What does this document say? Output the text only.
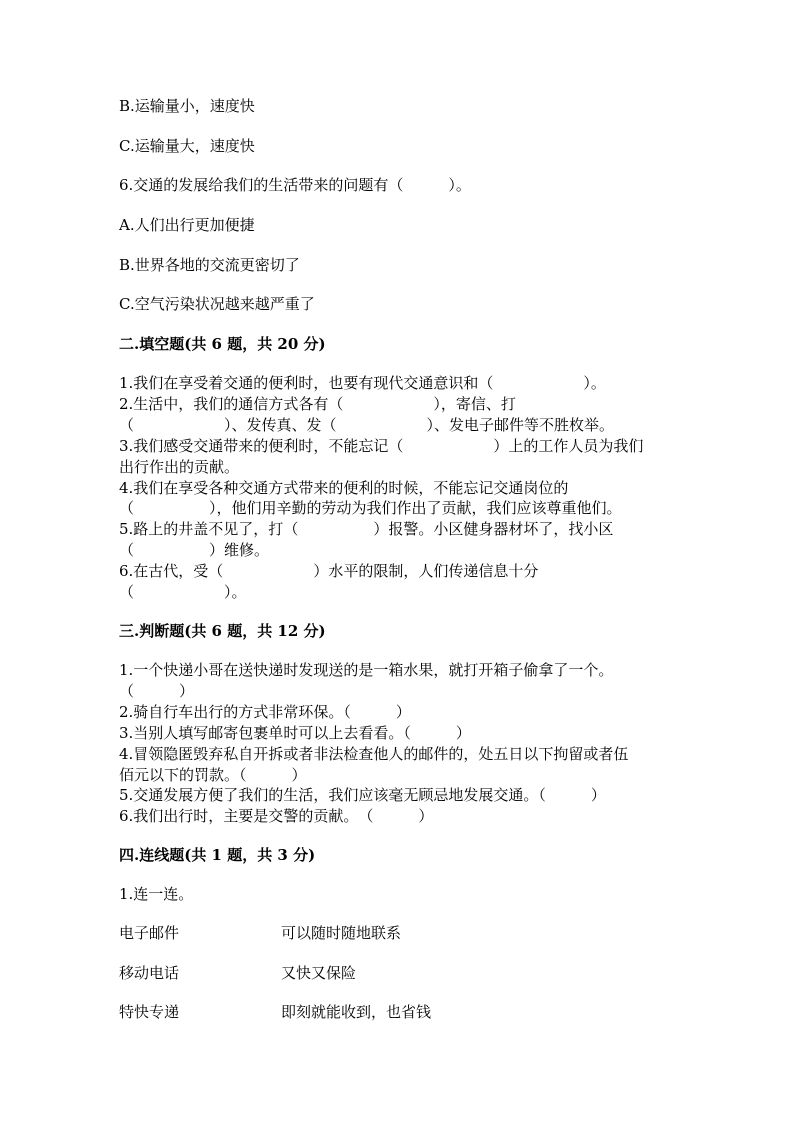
B.运输量小，速度快
C.运输量大，速度快
6.交通的发展给我们的生活带来的问题有（　　　）。
A.人们出行更加便捷
B.世界各地的交流更密切了
C.空气污染状况越来越严重了
二.填空题(共 6 题，共 20 分)
1.我们在享受着交通的便利时，也要有现代交通意识和（　　　　　　）。
2.生活中，我们的通信方式各有（　　　　　　），寄信、打
（　　　　　　）、发传真、发（　　　　　　）、发电子邮件等不胜枚举。
3.我们感受交通带来的便利时，不能忘记（　　　　　　）上的工作人员为我们
出行作出的贡献。
4.我们在享受各种交通方式带来的便利的时候，不能忘记交通岗位的
（　　　　　），他们用辛勤的劳动为我们作出了贡献，我们应该尊重他们。
5.路上的井盖不见了，打（　　　　　）报警。小区健身器材坏了，找小区
（　　　　　）维修。
6.在古代，受（　　　　　　）水平的限制，人们传递信息十分
（　　　　　　）。
三.判断题(共 6 题，共 12 分)
1.一个快递小哥在送快递时发现送的是一箱水果，就打开箱子偷拿了一个。
（　　　）
2.骑自行车出行的方式非常环保。（　　　）
3.当别人填写邮寄包裹单时可以上去看看。（　　　）
4.冒领隐匿毁弃私自开拆或者非法检查他人的邮件的，处五日以下拘留或者伍
佰元以下的罚款。（　　　）
5.交通发展方便了我们的生活，我们应该毫无顾忌地发展交通。（　　　）
6.我们出行时，主要是交警的贡献。　（　　　）
四.连线题(共 1 题，共 3 分)
1.连一连。
电子邮件	可以随时随地联系
移动电话	又快又保险
特快专递	即刻就能收到，也省钱
